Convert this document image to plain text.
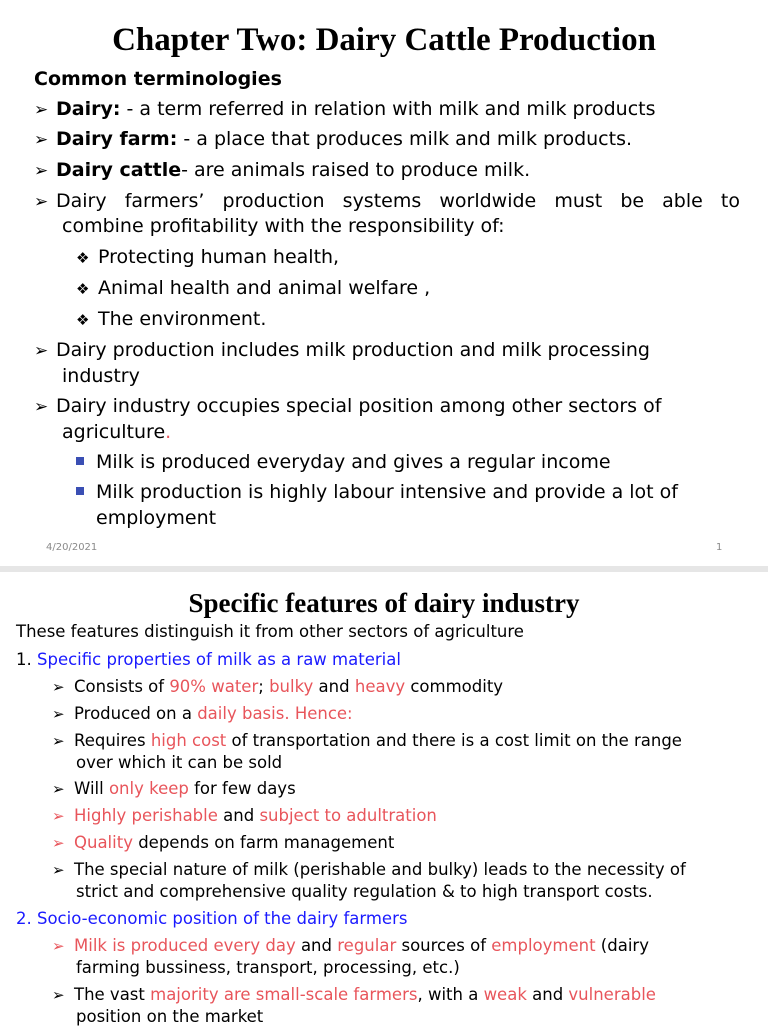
Chapter Two: Dairy Cattle Production
Common terminologies
➢ Dairy: - a term referred in relation with milk and milk products
➢ Dairy farm: - a place that produces milk and milk products.
➢ Dairy cattle- are animals raised to produce milk.
➢ Dairy farmers’ production systems worldwide must be able to
combine profitability with the responsibility of:
❖ Protecting human health,
❖ Animal health and animal welfare ,
❖ The environment.
➢ Dairy production includes milk production and milk processing
industry
➢ Dairy industry occupies special position among other sectors of
agriculture.
Milk is produced everyday and gives a regular income
Milk production is highly labour intensive and provide a lot of
employment
4/20/2021	1
Specific features of dairy industry
These features distinguish it from other sectors of agriculture
1. Specific properties of milk as a raw material
➢ Consists of 90% water; bulky and heavy commodity
➢ Produced on a daily basis. Hence:
➢ Requires high cost of transportation and there is a cost limit on the range
over which it can be sold
➢ Will only keep for few days
➢ Highly perishable and subject to adultration
➢ Quality depends on farm management
➢ The special nature of milk (perishable and bulky) leads to the necessity of
strict and comprehensive quality regulation & to high transport costs.
2. Socio-economic position of the dairy farmers
➢ Milk is produced every day and regular sources of employment (dairy
farming bussiness, transport, processing, etc.)
➢ The vast majority are small-scale farmers, with a weak and vulnerable
position on the market
